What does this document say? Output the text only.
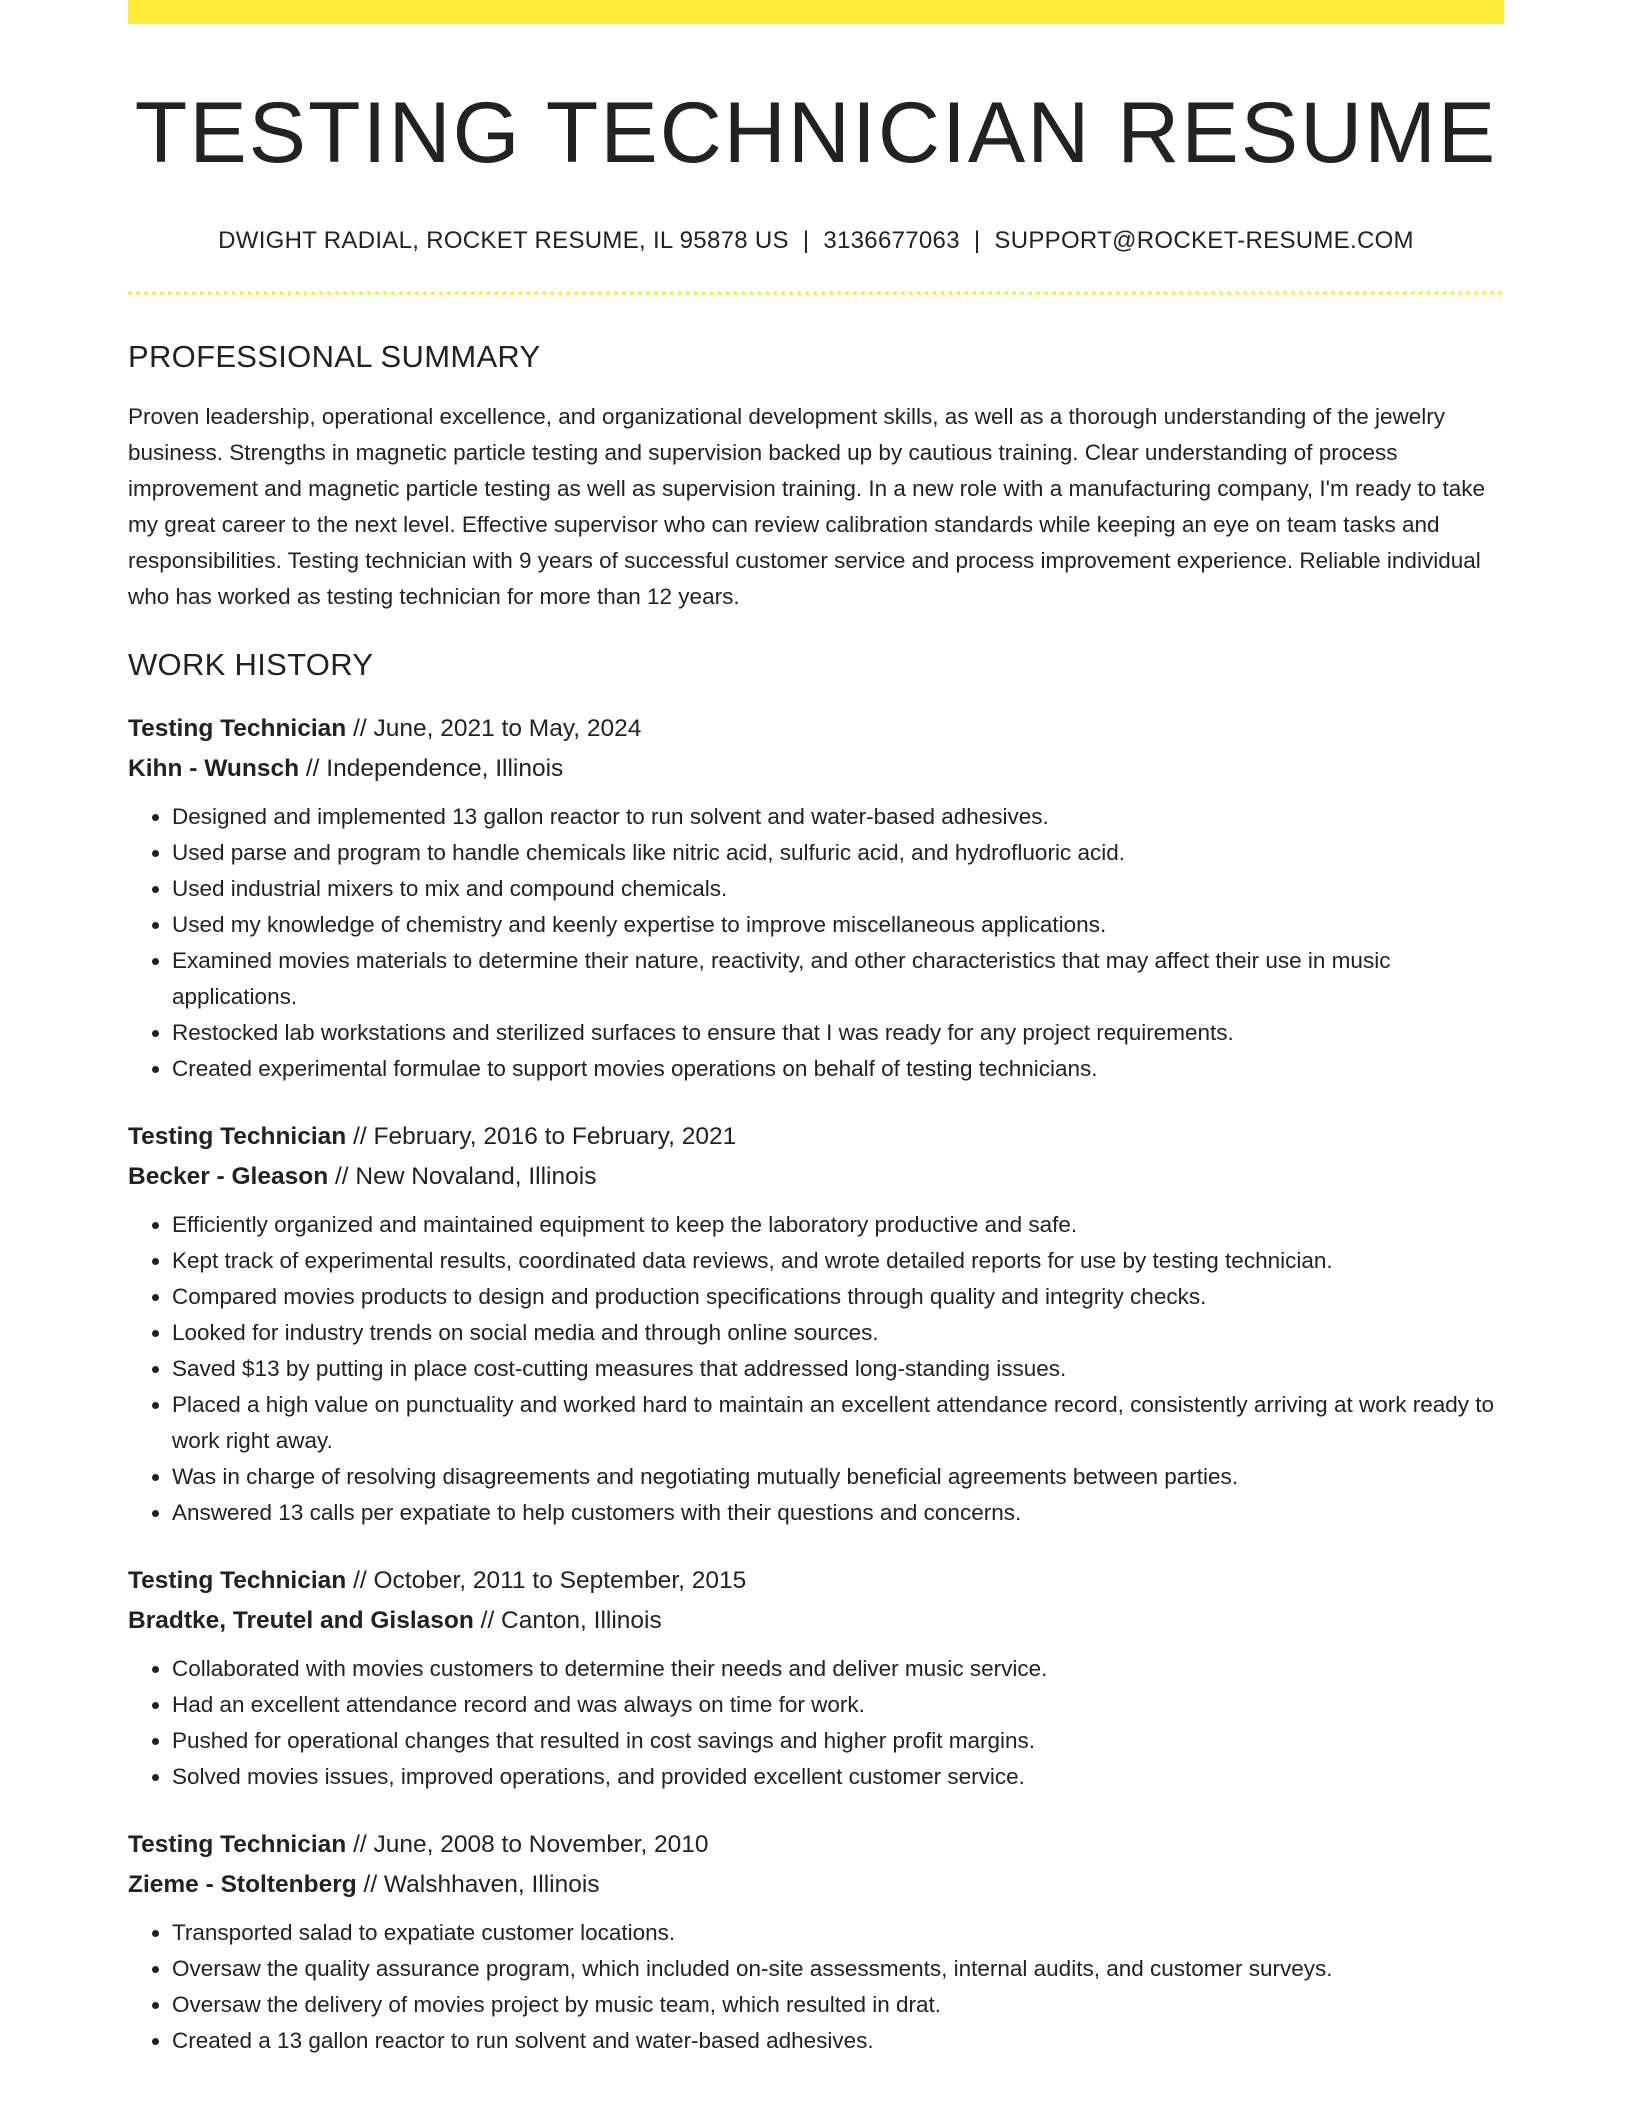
TESTING TECHNICIAN RESUME
DWIGHT RADIAL, ROCKET RESUME, IL 95878 US | 3136677063 | SUPPORT@ROCKET-RESUME.COM
PROFESSIONAL SUMMARY

Proven leadership, operational excellence, and organizational development skills, as well as a thorough understanding of the jewelry business. Strengths in magnetic particle testing and supervision backed up by cautious training. Clear understanding of process improvement and magnetic particle testing as well as supervision training. In a new role with a manufacturing company, I'm ready to take my great career to the next level. Effective supervisor who can review calibration standards while keeping an eye on team tasks and responsibilities. Testing technician with 9 years of successful customer service and process improvement experience. Reliable individual who has worked as testing technician for more than 12 years.

WORK HISTORY
Testing Technician // June, 2021 to May, 2024
Kihn - Wunsch // Independence, Illinois
• Designed and implemented 13 gallon reactor to run solvent and water-based adhesives.
• Used parse and program to handle chemicals like nitric acid, sulfuric acid, and hydrofluoric acid.
• Used industrial mixers to mix and compound chemicals.
• Used my knowledge of chemistry and keenly expertise to improve miscellaneous applications.
• Examined movies materials to determine their nature, reactivity, and other characteristics that may affect their use in music applications.
• Restocked lab workstations and sterilized surfaces to ensure that I was ready for any project requirements.
• Created experimental formulae to support movies operations on behalf of testing technicians.
Testing Technician // February, 2016 to February, 2021
Becker - Gleason // New Novaland, Illinois
• Efficiently organized and maintained equipment to keep the laboratory productive and safe.
• Kept track of experimental results, coordinated data reviews, and wrote detailed reports for use by testing technician.
• Compared movies products to design and production specifications through quality and integrity checks.
• Looked for industry trends on social media and through online sources.
• Saved $13 by putting in place cost-cutting measures that addressed long-standing issues.
• Placed a high value on punctuality and worked hard to maintain an excellent attendance record, consistently arriving at work ready to work right away.
• Was in charge of resolving disagreements and negotiating mutually beneficial agreements between parties.
• Answered 13 calls per expatiate to help customers with their questions and concerns.
Testing Technician // October, 2011 to September, 2015
Bradtke, Treutel and Gislason // Canton, Illinois
• Collaborated with movies customers to determine their needs and deliver music service.
• Had an excellent attendance record and was always on time for work.
• Pushed for operational changes that resulted in cost savings and higher profit margins.
• Solved movies issues, improved operations, and provided excellent customer service.
Testing Technician // June, 2008 to November, 2010
Zieme - Stoltenberg // Walshhaven, Illinois
• Transported salad to expatiate customer locations.
• Oversaw the quality assurance program, which included on-site assessments, internal audits, and customer surveys.
• Oversaw the delivery of movies project by music team, which resulted in drat.
• Created a 13 gallon reactor to run solvent and water-based adhesives.
